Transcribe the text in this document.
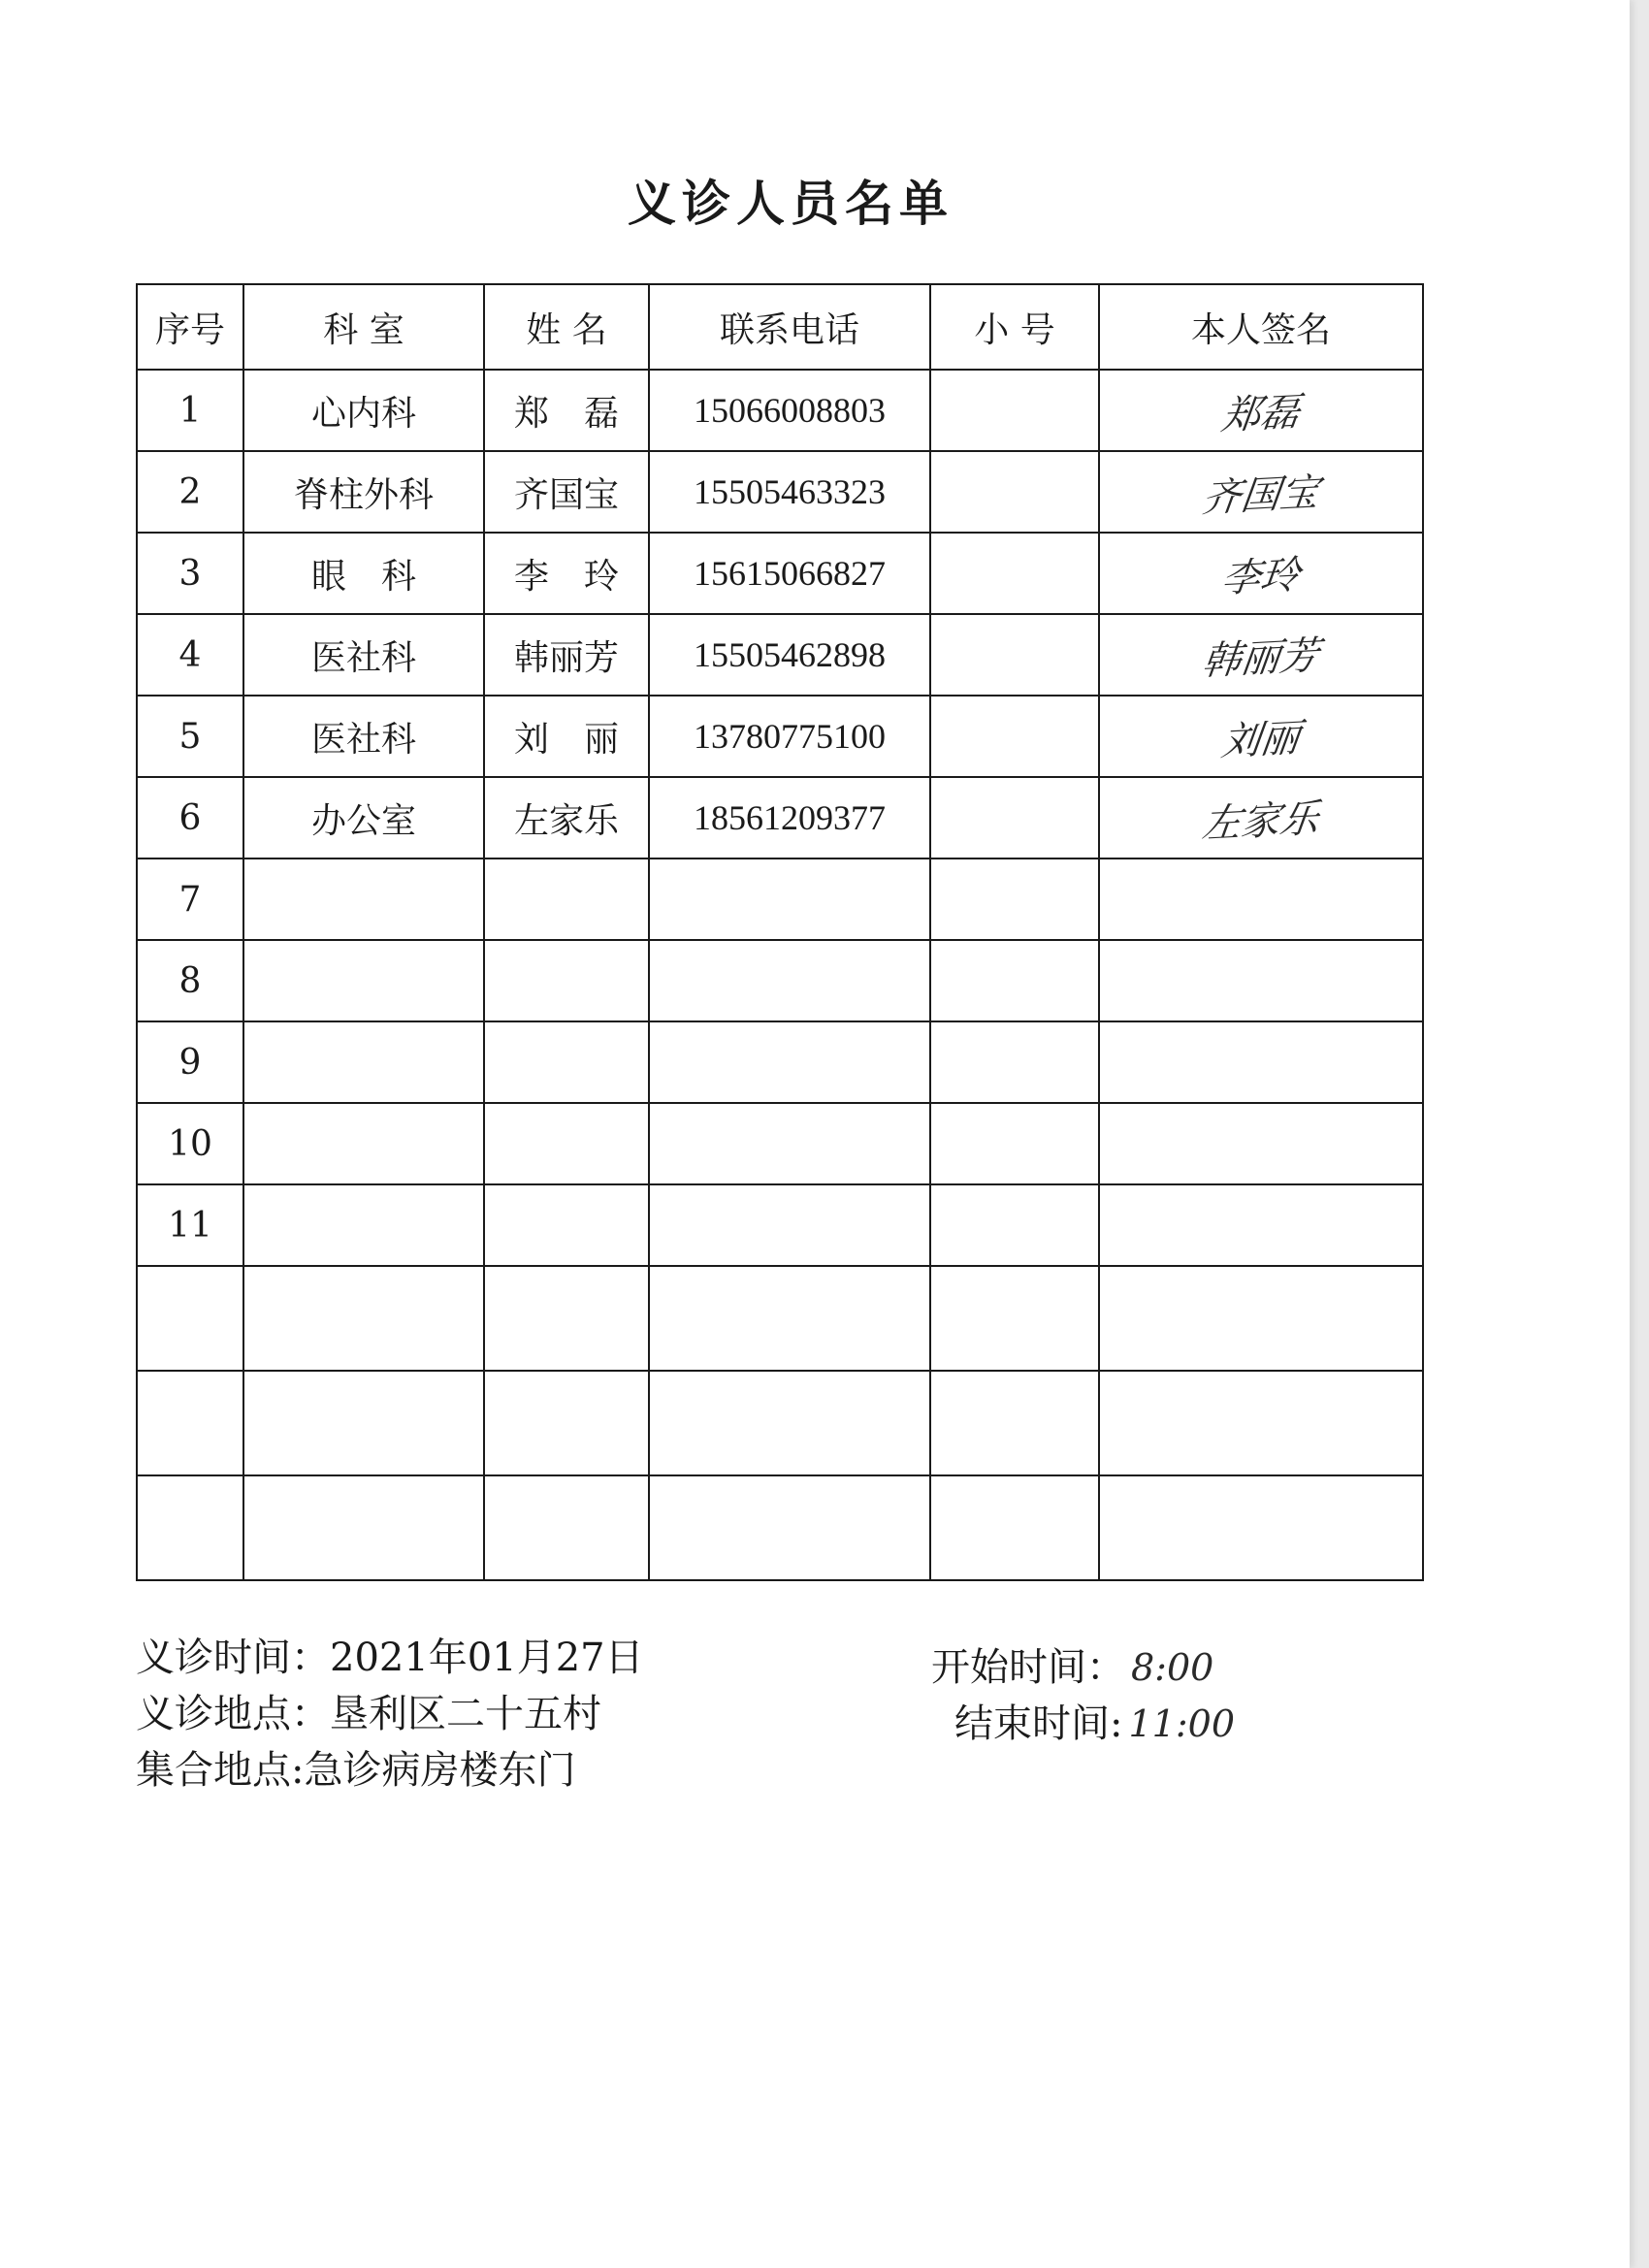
义诊人员名单
序号	科 室	姓 名	联系电话	小 号	本人签名
1	心内科	郑　磊	15066008803		郑磊
2	脊柱外科	齐国宝	15505463323		齐国宝
3	眼　科	李　玲	15615066827		李玲
4	医社科	韩丽芳	15505462898		韩丽芳
5	医社科	刘　丽	13780775100		刘丽
6	办公室	左家乐	18561209377		左家乐
7					
8					
9					
10					
11					

义诊时间：2021年01月27日
义诊地点：垦利区二十五村
集合地点:急诊病房楼东门
开始时间： 8:00
结束时间: 11:00
